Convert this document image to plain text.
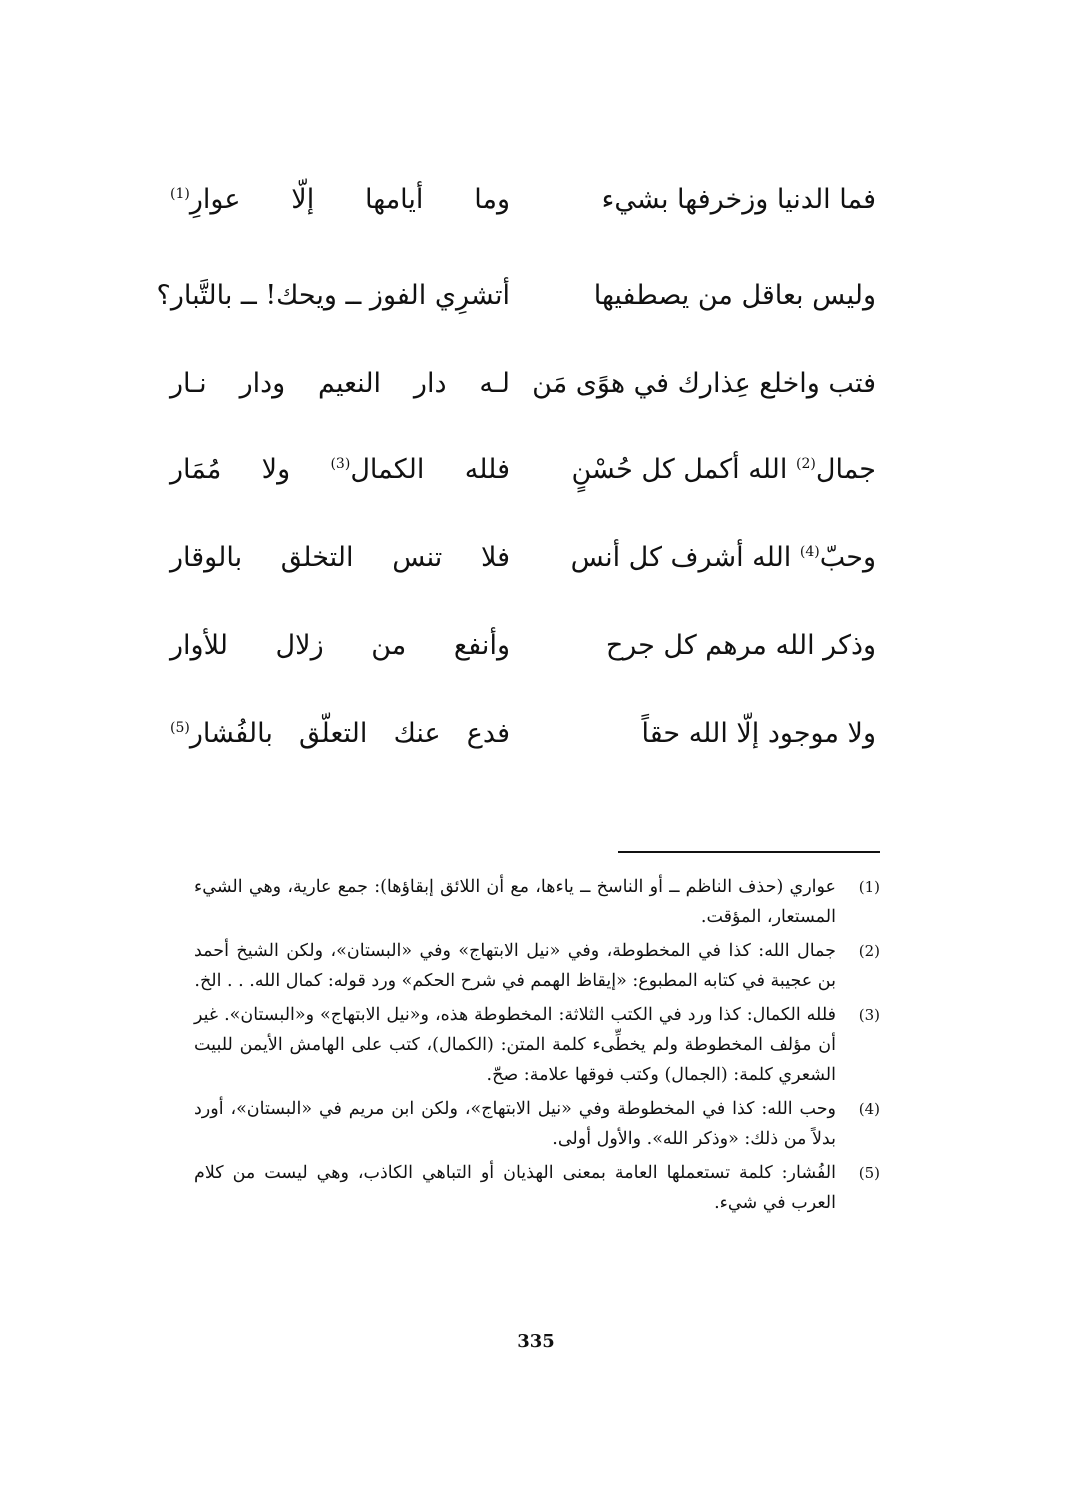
فما الدنيا وزخرفها بشيء
وما أيامها إلّا عوارِ$^{(1)}$
وليس بعاقل من يصطفيها
أتشرِي الفوز ــ ويحك! ــ بالتَّبار؟
فتب واخلع عِذارك في هوًى مَن
لـه دار النعيم ودار نـار
جمال$^{(2)}$ الله أكمل كل حُسْنٍ
فلله الكمال$^{(3)}$ ولا مُمَار
وحبّ$^{(4)}$ الله أشرف كل أنس
فلا تنس التخلق بالوقار
وذكر الله مرهم كل جرح
وأنفع من زلال للأوار
ولا موجود إلّا الله حقاً
فدع عنك التعلّق بالفُشار$^{(5)}$
(1)
عواري (حذف الناظم ــ أو الناسخ ــ ياءها، مع أن اللائق إبقاؤها): جمع عارية، وهي الشيء المستعار، المؤقت.
(2)
جمال الله: كذا في المخطوطة، وفي «نيل الابتهاج» وفي «البستان»، ولكن الشيخ أحمد بن عجيبة في كتابه المطبوع: «إيقاظ الهمم في شرح الحكم» ورد قوله: كمال الله. . . الخ.
(3)
فلله الكمال: كذا ورد في الكتب الثلاثة: المخطوطة هذه، و«نيل الابتهاج» و«البستان». غير أن مؤلف المخطوطة ولم يخطِّىء كلمة المتن: (الكمال)، كتب على الهامش الأيمن للبيت الشعري كلمة: (الجمال) وكتب فوقها علامة: صحّ.
(4)
وحب الله: كذا في المخطوطة وفي «نيل الابتهاج»، ولكن ابن مريم في «البستان»، أورد بدلاً من ذلك: «وذكر الله». والأول أولى.
(5)
الفُشار: كلمة تستعملها العامة بمعنى الهذيان أو التباهي الكاذب، وهي ليست من كلام العرب في شيء.
335
